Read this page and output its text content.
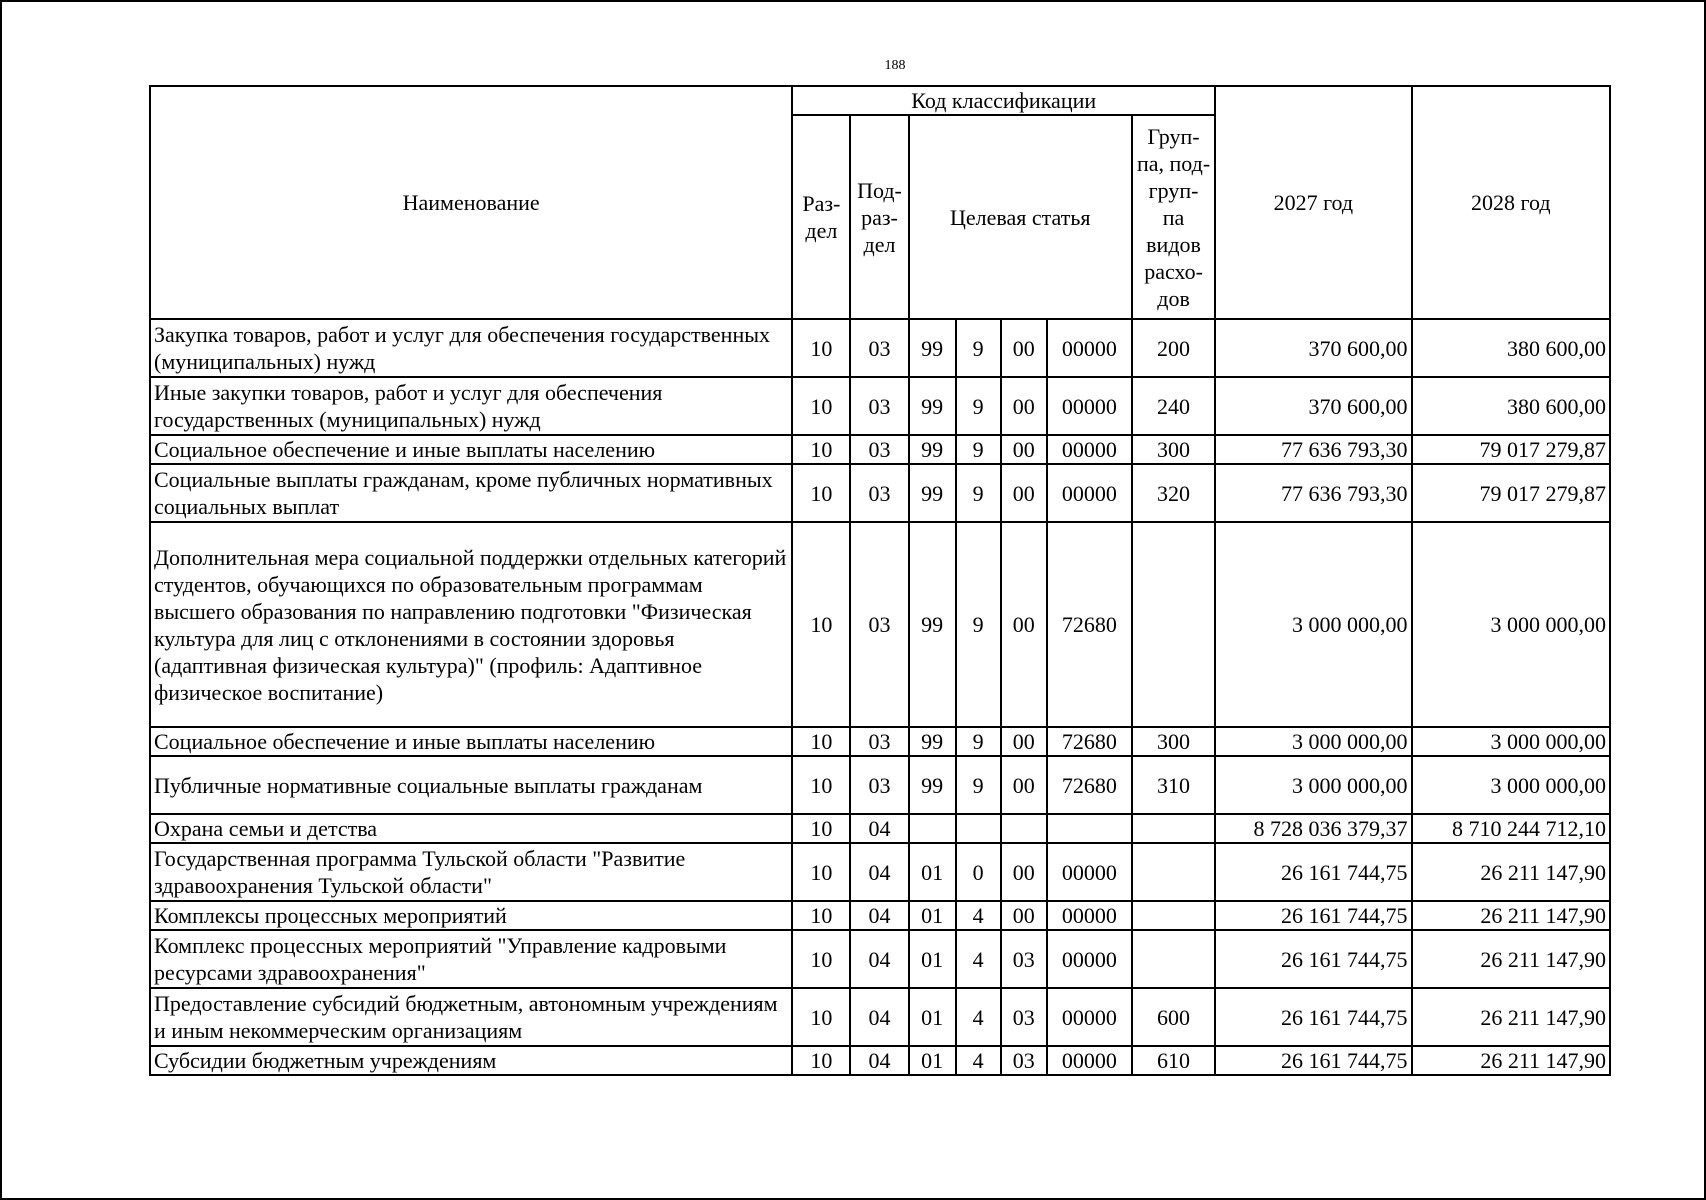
188
Наименование	Код классификации							2027 год	2028 год
	Раз- дел	Под- раз- дел	Целевая статья				Груп- па, под- груп- па видов расхо- дов		
Закупка товаров, работ и услуг для обеспечения государственных (муниципальных) нужд	10	03	99	9	00	00000	200	370 600,00	380 600,00
Иные закупки товаров, работ и услуг для обеспечения государственных (муниципальных) нужд	10	03	99	9	00	00000	240	370 600,00	380 600,00
Социальное обеспечение и иные выплаты населению	10	03	99	9	00	00000	300	77 636 793,30	79 017 279,87
Социальные выплаты гражданам, кроме публичных нормативных социальных выплат	10	03	99	9	00	00000	320	77 636 793,30	79 017 279,87
Дополнительная мера социальной поддержки отдельных категорий студентов, обучающихся по образовательным программам высшего образования по направлению подготовки "Физическая культура для лиц с отклонениями в состоянии здоровья (адаптивная физическая культура)" (профиль: Адаптивное физическое воспитание)	10	03	99	9	00	72680		3 000 000,00	3 000 000,00
Социальное обеспечение и иные выплаты населению	10	03	99	9	00	72680	300	3 000 000,00	3 000 000,00
Публичные нормативные социальные выплаты гражданам	10	03	99	9	00	72680	310	3 000 000,00	3 000 000,00
Охрана семьи и детства	10	04						8 728 036 379,37	8 710 244 712,10
Государственная программа Тульской области "Развитие здравоохранения Тульской области"	10	04	01	0	00	00000		26 161 744,75	26 211 147,90
Комплексы процессных мероприятий	10	04	01	4	00	00000		26 161 744,75	26 211 147,90
Комплекс процессных мероприятий "Управление кадровыми ресурсами здравоохранения"	10	04	01	4	03	00000		26 161 744,75	26 211 147,90
Предоставление субсидий бюджетным, автономным учреждениям и иным некоммерческим организациям	10	04	01	4	03	00000	600	26 161 744,75	26 211 147,90
Субсидии бюджетным учреждениям	10	04	01	4	03	00000	610	26 161 744,75	26 211 147,90
